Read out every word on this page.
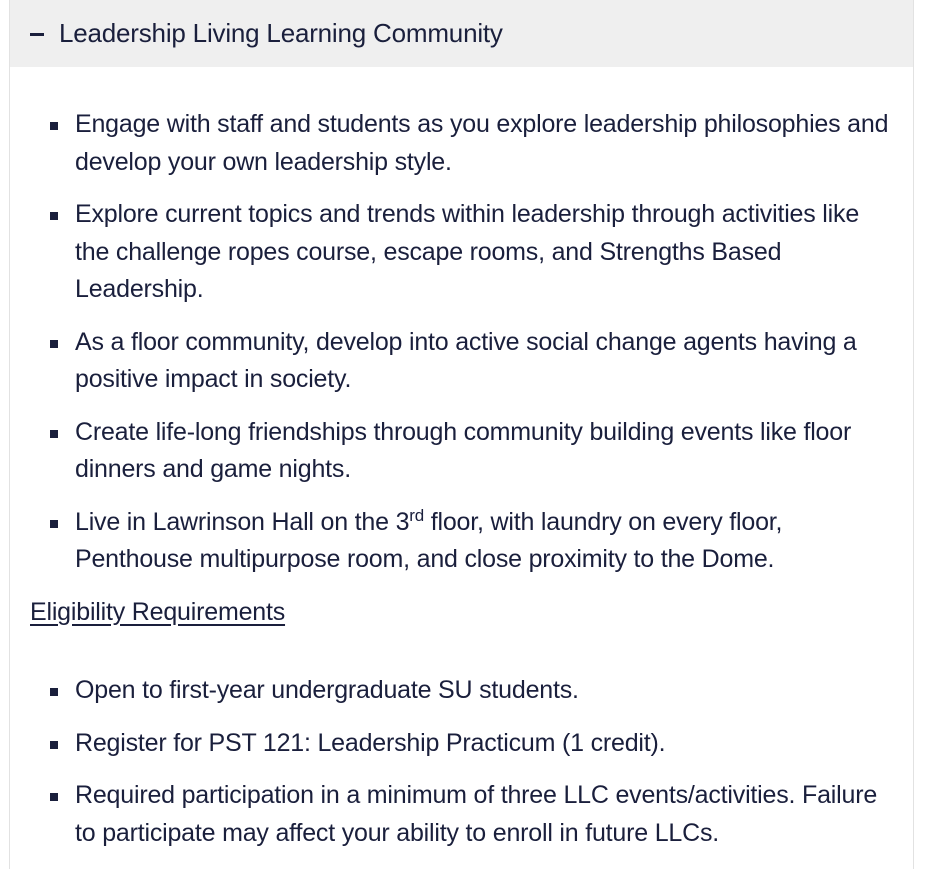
Leadership Living Learning Community
Engage with staff and students as you explore leadership philosophies and develop your own leadership style.
Explore current topics and trends within leadership through activities like the challenge ropes course, escape rooms, and Strengths Based Leadership.
As a floor community, develop into active social change agents having a positive impact in society.
Create life-long friendships through community building events like floor dinners and game nights.
Live in Lawrinson Hall on the 3rd floor, with laundry on every floor, Penthouse multipurpose room, and close proximity to the Dome.
Eligibility Requirements
Open to first-year undergraduate SU students.
Register for PST 121: Leadership Practicum (1 credit).
Required participation in a minimum of three LLC events/activities. Failure to participate may affect your ability to enroll in future LLCs.
